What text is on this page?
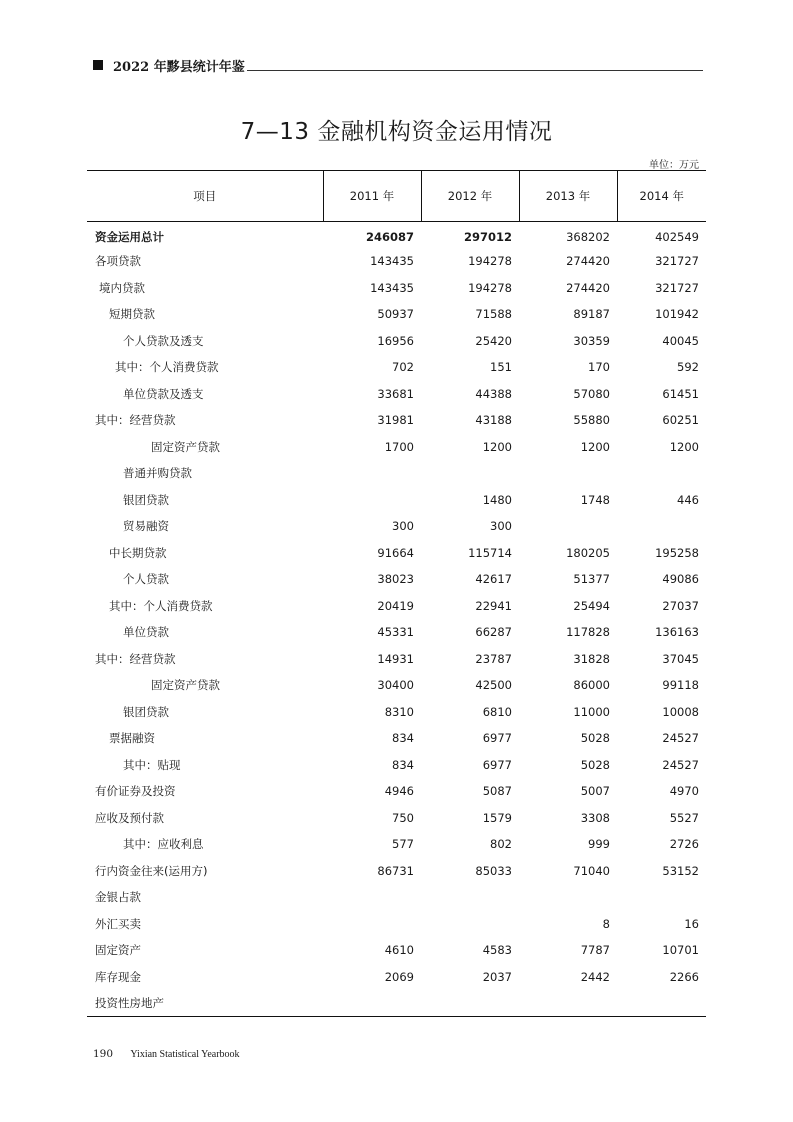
2022 年黟县统计年鉴
7—13 金融机构资金运用情况
单位：万元
项目	2011 年	2012 年	2013 年	2014 年
资金运用总计	246087	297012	368202	402549
各项贷款	143435	194278	274420	321727
境内贷款	143435	194278	274420	321727
短期贷款	50937	71588	89187	101942
个人贷款及透支	16956	25420	30359	40045
其中：个人消费贷款	702	151	170	592
单位贷款及透支	33681	44388	57080	61451
其中：经营贷款	31981	43188	55880	60251
固定资产贷款	1700	1200	1200	1200
普通并购贷款				
银团贷款		1480	1748	446
贸易融资	300	300		
中长期贷款	91664	115714	180205	195258
个人贷款	38023	42617	51377	49086
其中：个人消费贷款	20419	22941	25494	27037
单位贷款	45331	66287	117828	136163
其中：经营贷款	14931	23787	31828	37045
固定资产贷款	30400	42500	86000	99118
银团贷款	8310	6810	11000	10008
票据融资	834	6977	5028	24527
其中：贴现	834	6977	5028	24527
有价证券及投资	4946	5087	5007	4970
应收及预付款	750	1579	3308	5527
其中：应收利息	577	802	999	2726
行内资金往来(运用方)	86731	85033	71040	53152
金银占款				
外汇买卖			8	16
固定资产	4610	4583	7787	10701
库存现金	2069	2037	2442	2266
投资性房地产				
190 Yixian Statistical Yearbook
